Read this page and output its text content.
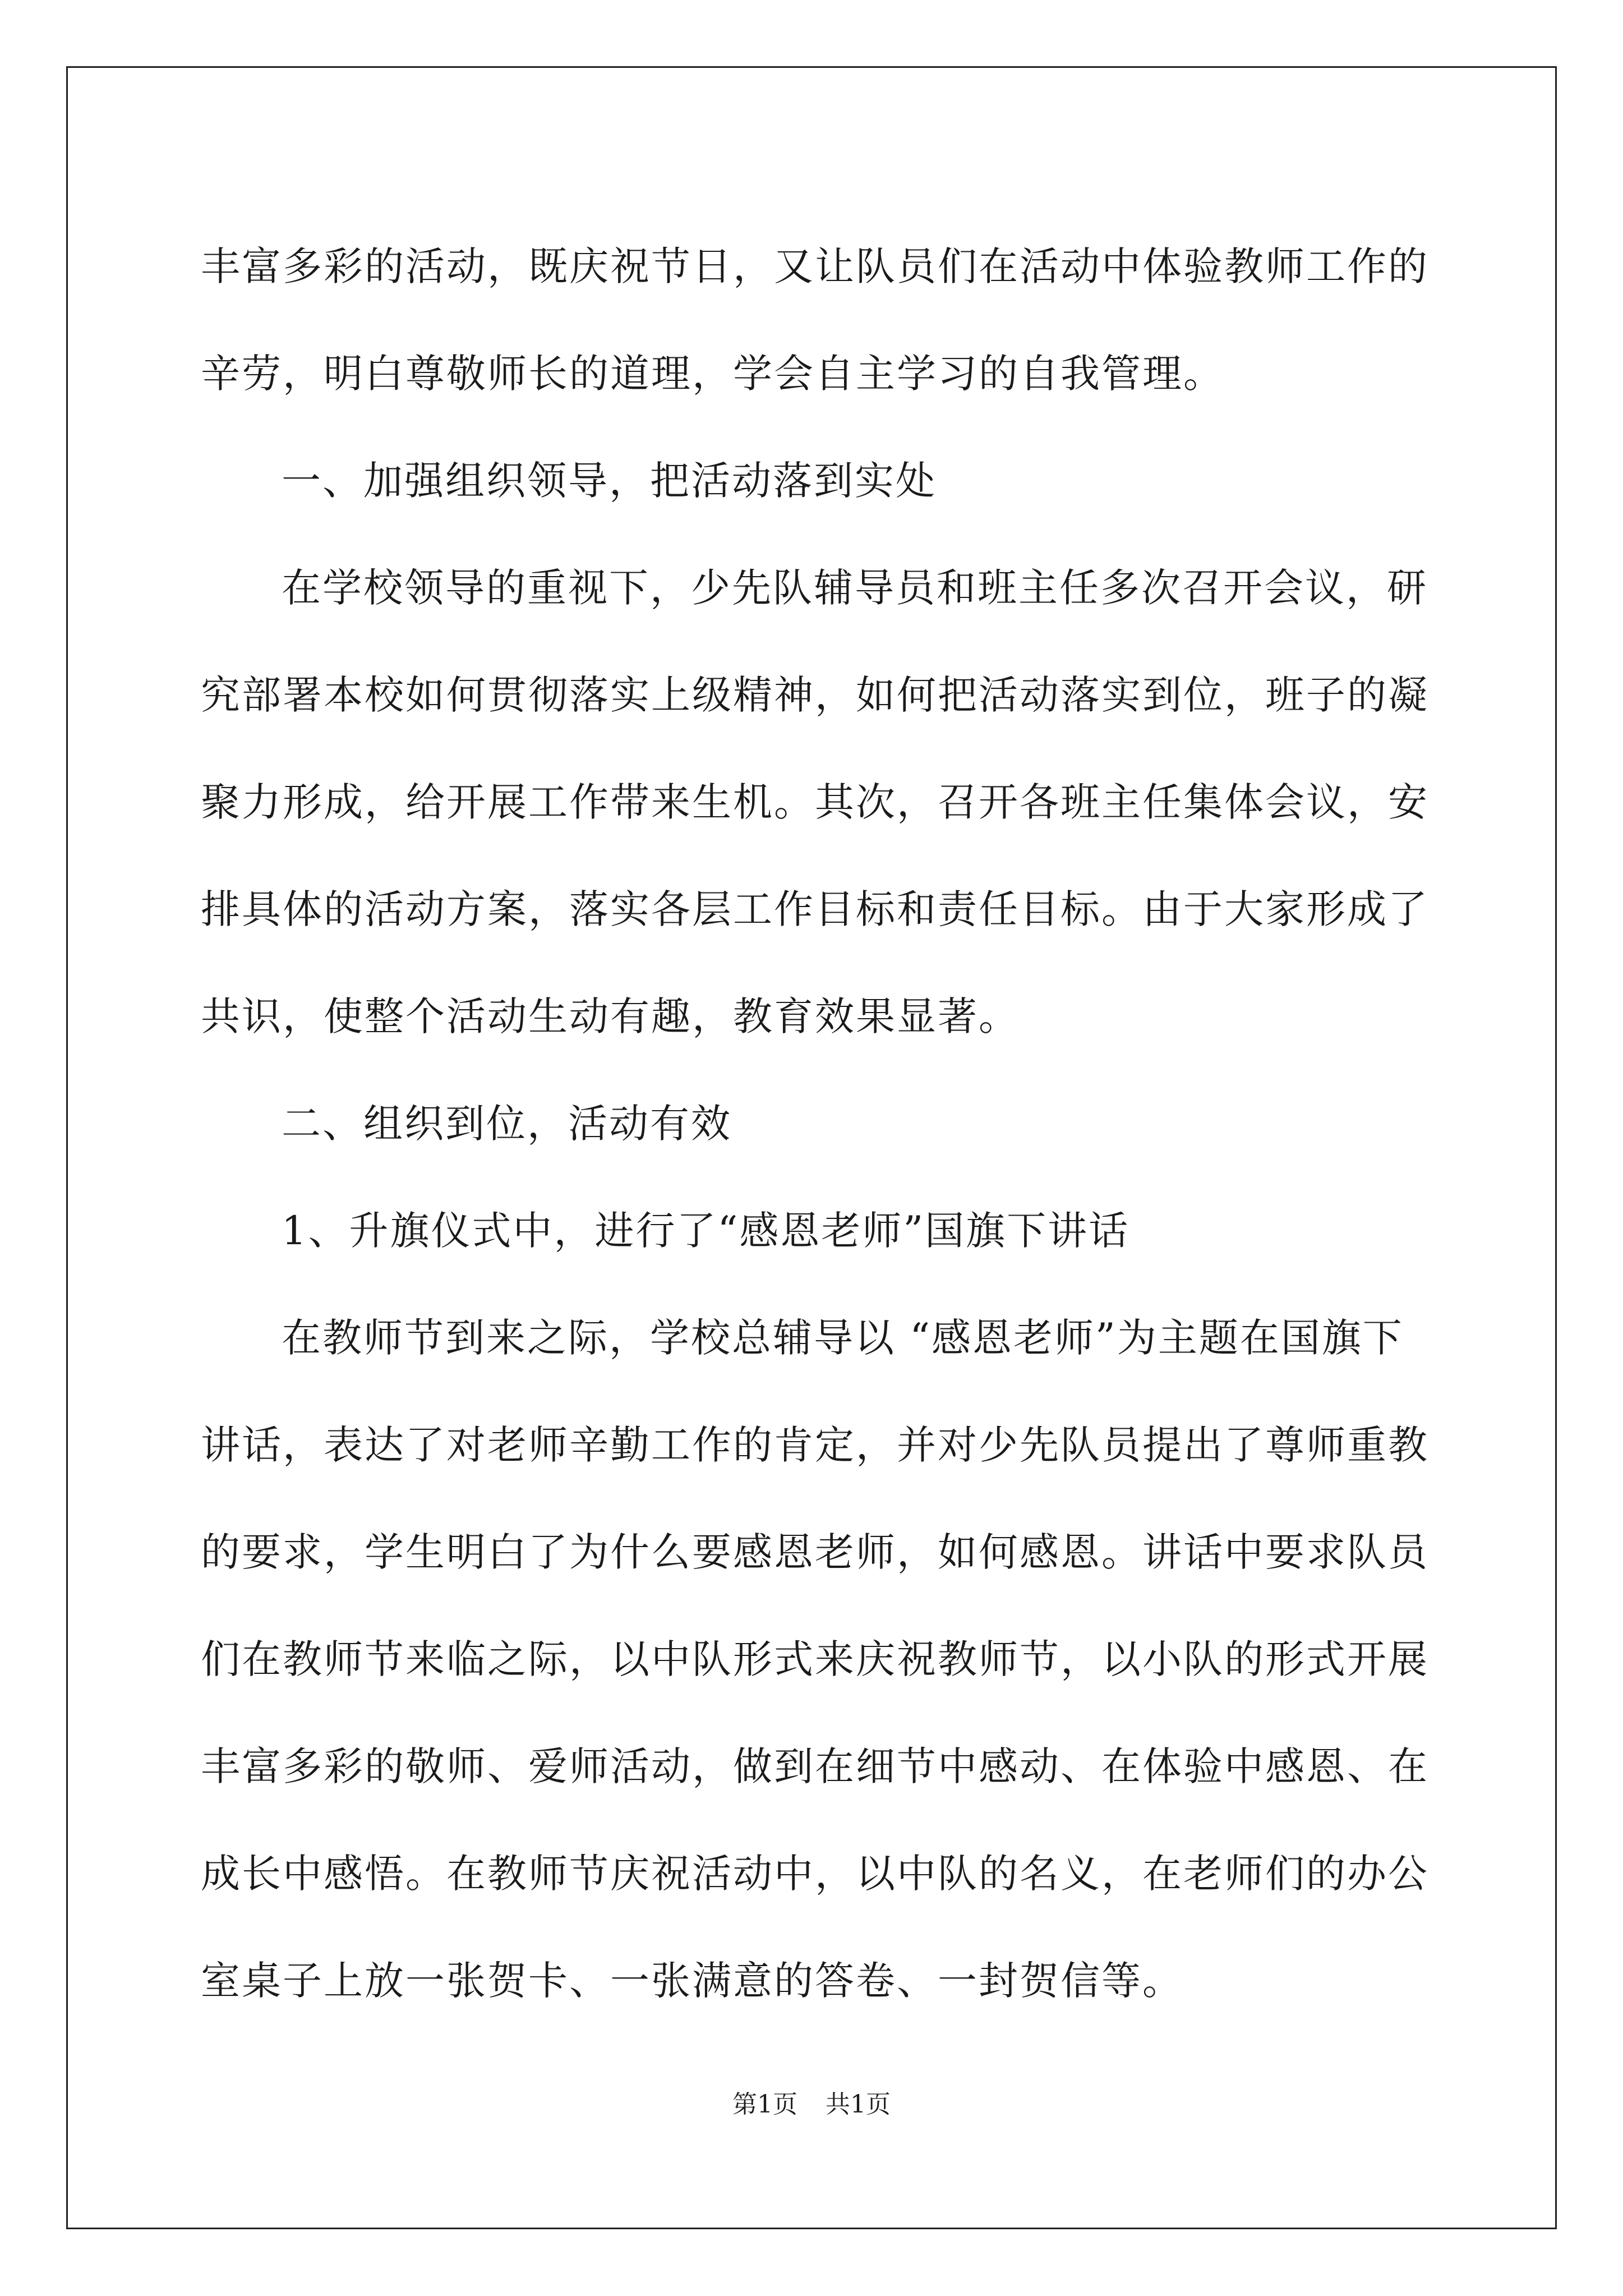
丰富多彩的活动，既庆祝节日，又让队员们在活动中体验教师工作的
辛劳，明白尊敬师长的道理，学会自主学习的自我管理。

一、加强组织领导，把活动落到实处

在学校领导的重视下，少先队辅导员和班主任多次召开会议，研
究部署本校如何贯彻落实上级精神，如何把活动落实到位，班子的凝
聚力形成，给开展工作带来生机。其次，召开各班主任集体会议，安
排具体的活动方案，落实各层工作目标和责任目标。由于大家形成了
共识，使整个活动生动有趣，教育效果显著。

二、组织到位，活动有效

1、升旗仪式中，进行了“感恩老师”国旗下讲话

在教师节到来之际，学校总辅导以 “感恩老师”为主题在国旗下
讲话，表达了对老师辛勤工作的肯定，并对少先队员提出了尊师重教
的要求，学生明白了为什么要感恩老师，如何感恩。讲话中要求队员
们在教师节来临之际，以中队形式来庆祝教师节，以小队的形式开展
丰富多彩的敬师、爱师活动，做到在细节中感动、在体验中感恩、在
成长中感悟。在教师节庆祝活动中，以中队的名义，在老师们的办公
室桌子上放一张贺卡、一张满意的答卷、一封贺信等。

第1页 共1页
